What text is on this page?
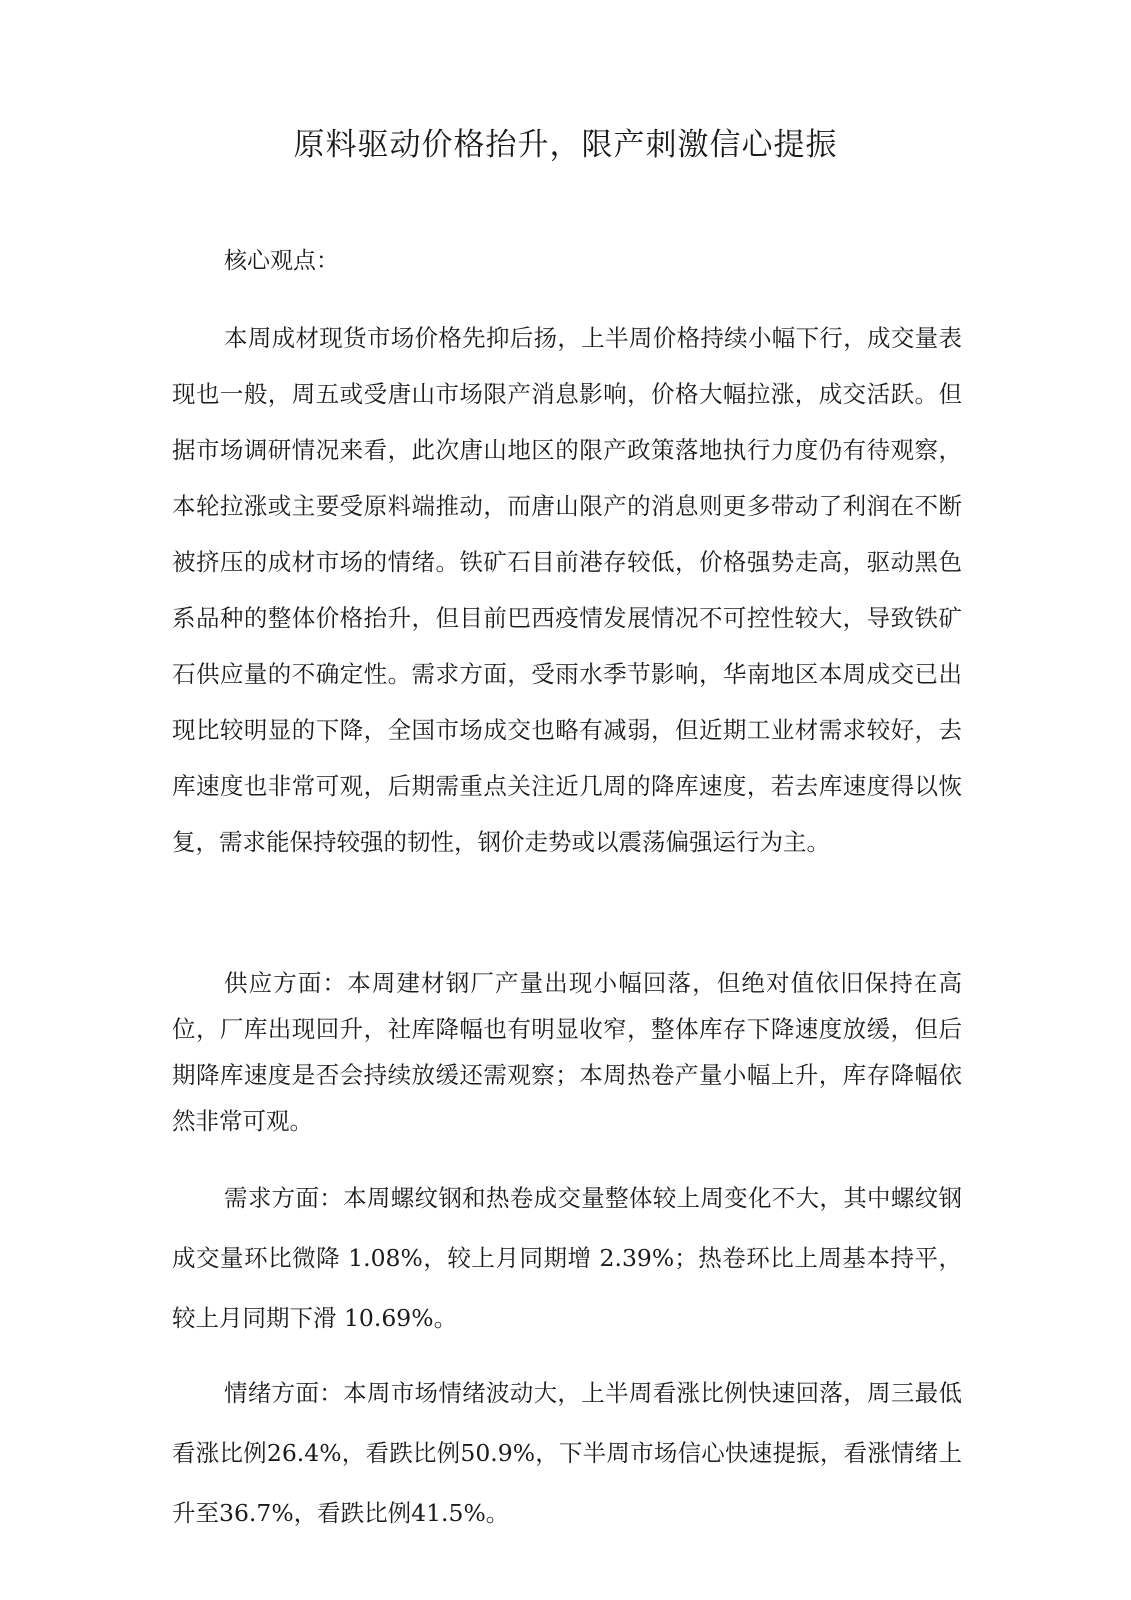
原料驱动价格抬升，限产刺激信心提振

核心观点：

本周成材现货市场价格先抑后扬，上半周价格持续小幅下行，成交量表现也一般，周五或受唐山市场限产消息影响，价格大幅拉涨，成交活跃。但据市场调研情况来看，此次唐山地区的限产政策落地执行力度仍有待观察，本轮拉涨或主要受原料端推动，而唐山限产的消息则更多带动了利润在不断被挤压的成材市场的情绪。铁矿石目前港存较低，价格强势走高，驱动黑色系品种的整体价格抬升，但目前巴西疫情发展情况不可控性较大，导致铁矿石供应量的不确定性。需求方面，受雨水季节影响，华南地区本周成交已出现比较明显的下降，全国市场成交也略有减弱，但近期工业材需求较好，去库速度也非常可观，后期需重点关注近几周的降库速度，若去库速度得以恢复，需求能保持较强的韧性，钢价走势或以震荡偏强运行为主。

供应方面：本周建材钢厂产量出现小幅回落，但绝对值依旧保持在高位，厂库出现回升，社库降幅也有明显收窄，整体库存下降速度放缓，但后期降库速度是否会持续放缓还需观察；本周热卷产量小幅上升，库存降幅依然非常可观。

需求方面：本周螺纹钢和热卷成交量整体较上周变化不大，其中螺纹钢成交量环比微降 1.08%，较上月同期增 2.39%；热卷环比上周基本持平，较上月同期下滑 10.69%。

情绪方面：本周市场情绪波动大，上半周看涨比例快速回落，周三最低看涨比例26.4%，看跌比例50.9%，下半周市场信心快速提振，看涨情绪上升至36.7%，看跌比例41.5%。
